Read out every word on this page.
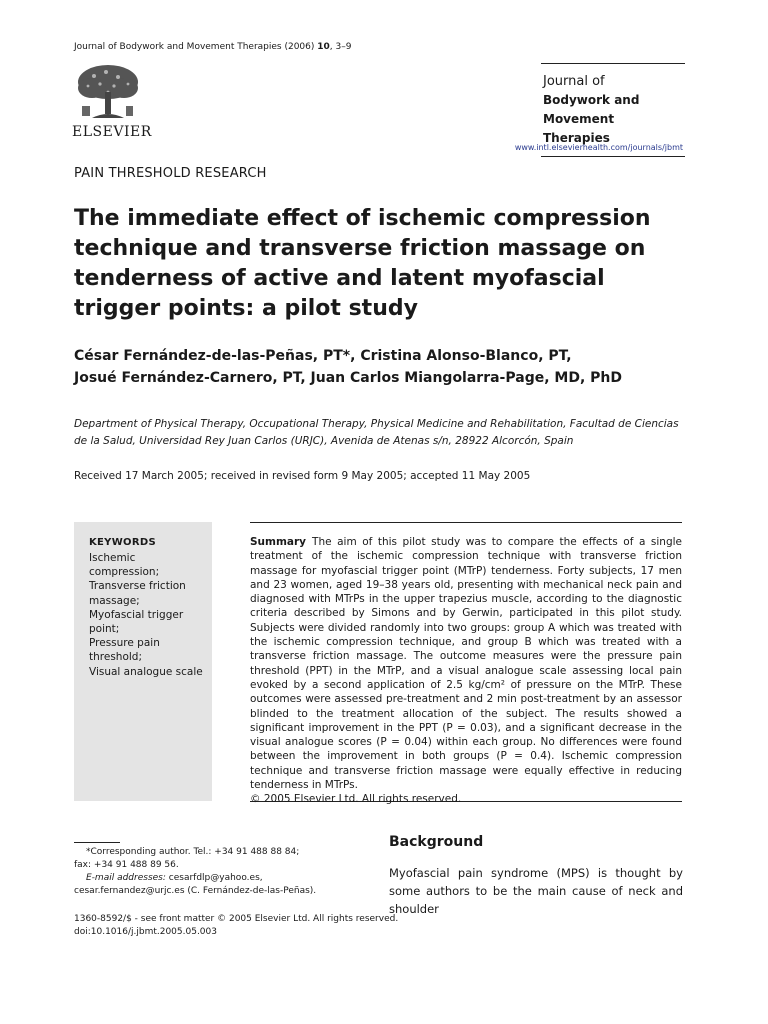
Journal of Bodywork and Movement Therapies (2006) 10, 3–9
ELSEVIER
Journal of
Bodywork and
Movement Therapies
www.intl.elsevierhealth.com/journals/jbmt
PAIN THRESHOLD RESEARCH
The immediate effect of ischemic compression technique and transverse friction massage on tenderness of active and latent myofascial trigger points: a pilot study
César Fernández-de-las-Peñas, PT*, Cristina Alonso-Blanco, PT,
Josué Fernández-Carnero, PT, Juan Carlos Miangolarra-Page, MD, PhD
Department of Physical Therapy, Occupational Therapy, Physical Medicine and Rehabilitation, Facultad de Ciencias de la Salud, Universidad Rey Juan Carlos (URJC), Avenida de Atenas s/n, 28922 Alcorcón, Spain
Received 17 March 2005; received in revised form 9 May 2005; accepted 11 May 2005
KEYWORDS
Ischemic
compression;
Transverse friction
massage;
Myofascial trigger
point;
Pressure pain
threshold;
Visual analogue scale
Summary The aim of this pilot study was to compare the effects of a single treatment of the ischemic compression technique with transverse friction massage for myofascial trigger point (MTrP) tenderness. Forty subjects, 17 men and 23 women, aged 19–38 years old, presenting with mechanical neck pain and diagnosed with MTrPs in the upper trapezius muscle, according to the diagnostic criteria described by Simons and by Gerwin, participated in this pilot study. Subjects were divided randomly into two groups: group A which was treated with the ischemic compression technique, and group B which was treated with a transverse friction massage. The outcome measures were the pressure pain threshold (PPT) in the MTrP, and a visual analogue scale assessing local pain evoked by a second application of 2.5 kg/cm² of pressure on the MTrP. These outcomes were assessed pre-treatment and 2 min post-treatment by an assessor blinded to the treatment allocation of the subject. The results showed a significant improvement in the PPT (P = 0.03), and a significant decrease in the visual analogue scores (P = 0.04) within each group. No differences were found between the improvement in both groups (P = 0.4). Ischemic compression technique and transverse friction massage were equally effective in reducing tenderness in MTrPs.
© 2005 Elsevier Ltd. All rights reserved.
*Corresponding author. Tel.: +34 91 488 88 84;
fax: +34 91 488 89 56.
E-mail addresses: cesarfdlp@yahoo.es,
cesar.fernandez@urjc.es (C. Fernández-de-las-Peñas).
Background
Myofascial pain syndrome (MPS) is thought by some authors to be the main cause of neck and shoulder
1360-8592/$ - see front matter © 2005 Elsevier Ltd. All rights reserved.
doi:10.1016/j.jbmt.2005.05.003
